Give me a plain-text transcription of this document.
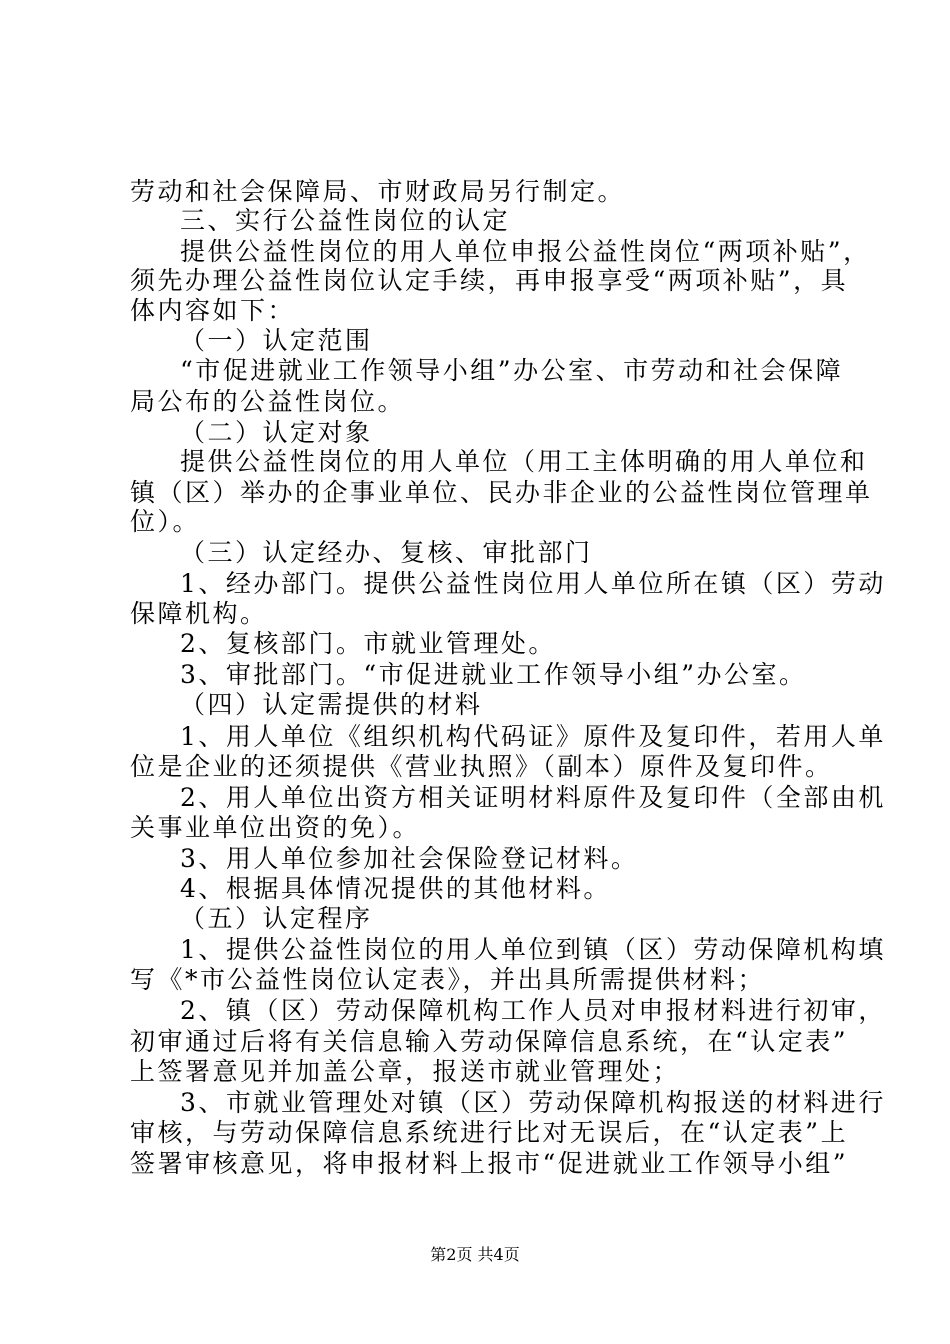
劳动和社会保障局、市财政局另行制定。
三、实行公益性岗位的认定
提供公益性岗位的用人单位申报公益性岗位“两项补贴”，
须先办理公益性岗位认定手续，再申报享受“两项补贴”，具
体内容如下：
（一）认定范围
“市促进就业工作领导小组”办公室、市劳动和社会保障
局公布的公益性岗位。
（二）认定对象
提供公益性岗位的用人单位（用工主体明确的用人单位和
镇（区）举办的企事业单位、民办非企业的公益性岗位管理单
位）。
（三）认定经办、复核、审批部门
1、经办部门。提供公益性岗位用人单位所在镇（区）劳动
保障机构。
2、复核部门。市就业管理处。
3、审批部门。“市促进就业工作领导小组”办公室。
（四）认定需提供的材料
1、用人单位《组织机构代码证》原件及复印件，若用人单
位是企业的还须提供《营业执照》（副本）原件及复印件。
2、用人单位出资方相关证明材料原件及复印件（全部由机
关事业单位出资的免）。
3、用人单位参加社会保险登记材料。
4、根据具体情况提供的其他材料。
（五）认定程序
1、提供公益性岗位的用人单位到镇（区）劳动保障机构填
写《*市公益性岗位认定表》，并出具所需提供材料；
2、镇（区）劳动保障机构工作人员对申报材料进行初审，
初审通过后将有关信息输入劳动保障信息系统，在“认定表”
上签署意见并加盖公章，报送市就业管理处；
3、市就业管理处对镇（区）劳动保障机构报送的材料进行
审核，与劳动保障信息系统进行比对无误后，在“认定表”上
签署审核意见，将申报材料上报市“促进就业工作领导小组”
第2页 共4页
